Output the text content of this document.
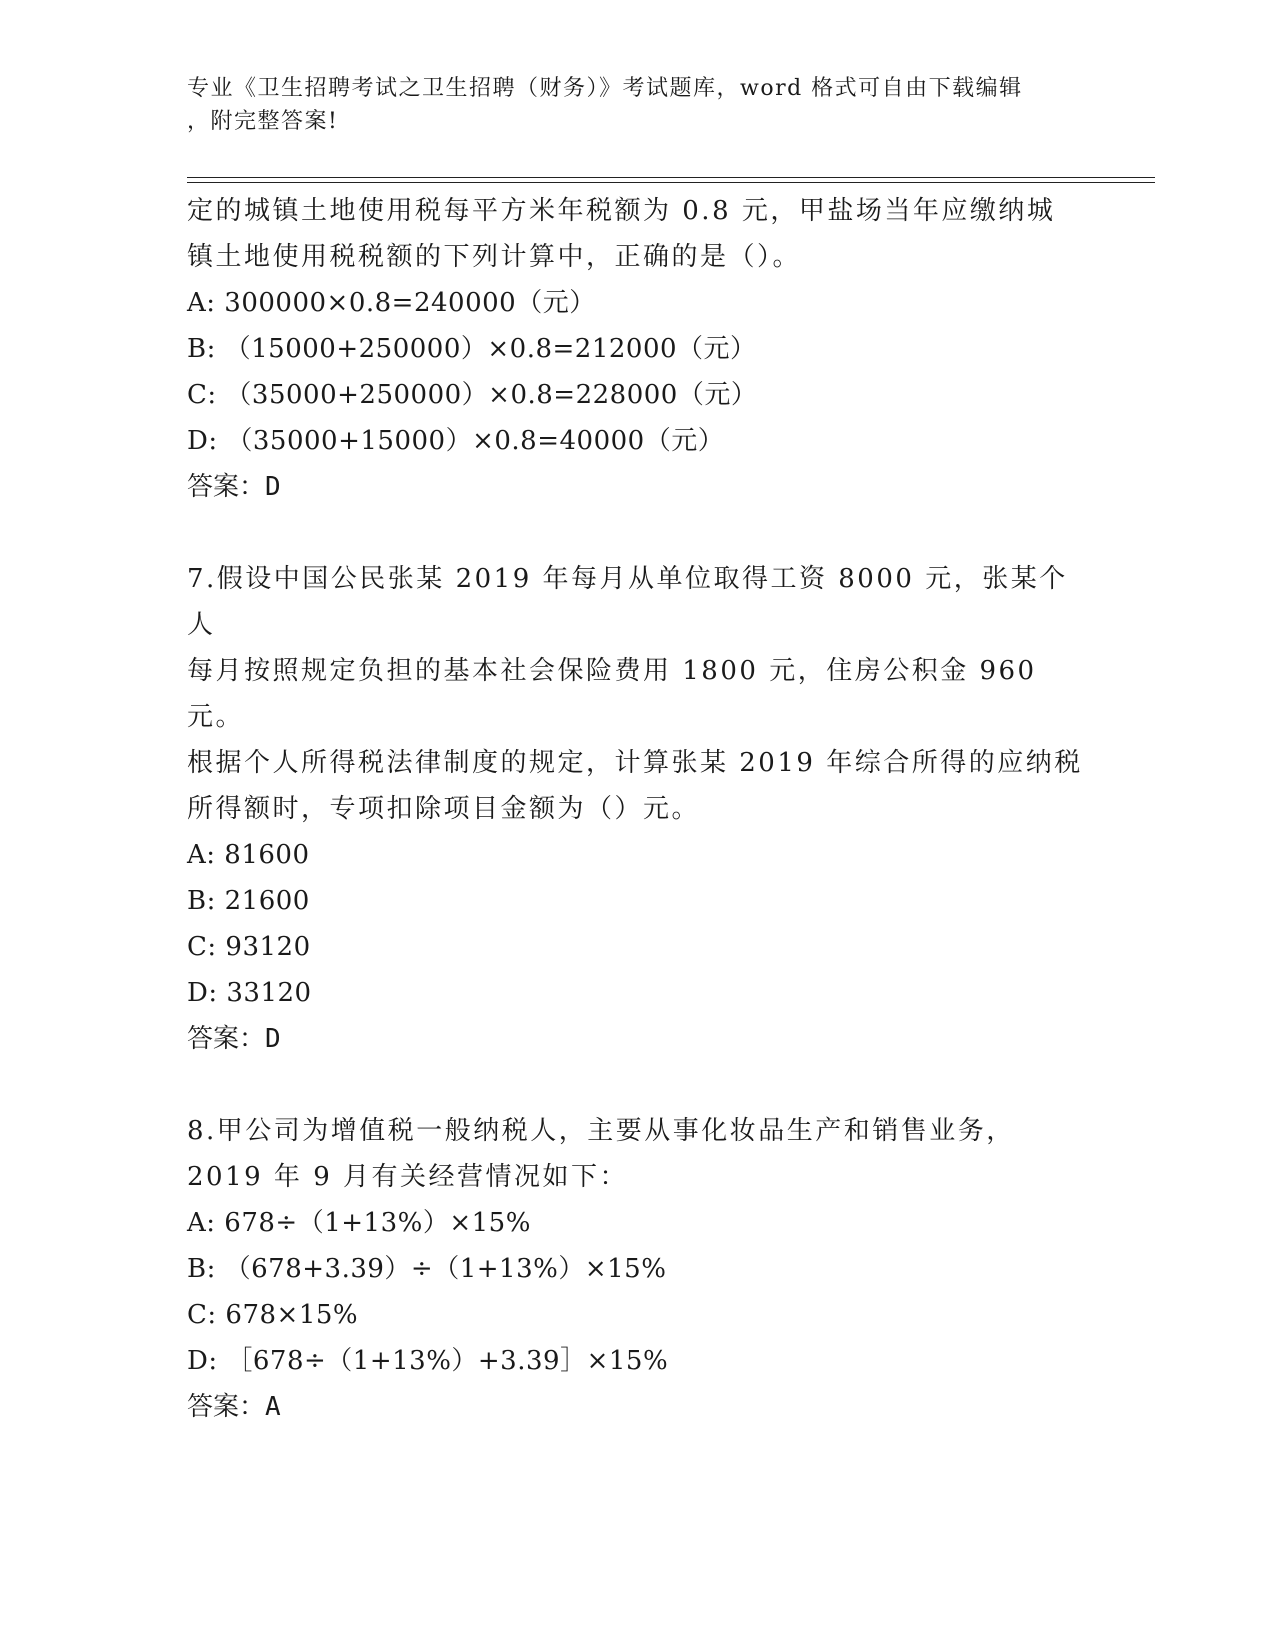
专业《卫生招聘考试之卫生招聘（财务）》考试题库，word 格式可自由下载编辑
，附完整答案!

定的城镇土地使用税每平方米年税额为 0.8 元，甲盐场当年应缴纳城

镇土地使用税税额的下列计算中，正确的是（）。

A: 300000×0.8=240000（元）

B: （15000+250000）×0.8=212000（元）

C: （35000+250000）×0.8=228000（元）

D: （35000+15000）×0.8=40000（元）

答案：D

7.假设中国公民张某 2019 年每月从单位取得工资 8000 元，张某个人

每月按照规定负担的基本社会保险费用 1800 元，住房公积金 960 元。

根据个人所得税法律制度的规定，计算张某 2019 年综合所得的应纳税

所得额时，专项扣除项目金额为（）元。

A: 81600

B: 21600

C: 93120

D: 33120

答案：D

8.甲公司为增值税一般纳税人，主要从事化妆品生产和销售业务，

2019 年 9 月有关经营情况如下：

A: 678÷（1+13%）×15%

B: （678+3.39）÷（1+13%）×15%

C: 678×15%

D: ［678÷（1+13%）+3.39］×15%

答案：A
